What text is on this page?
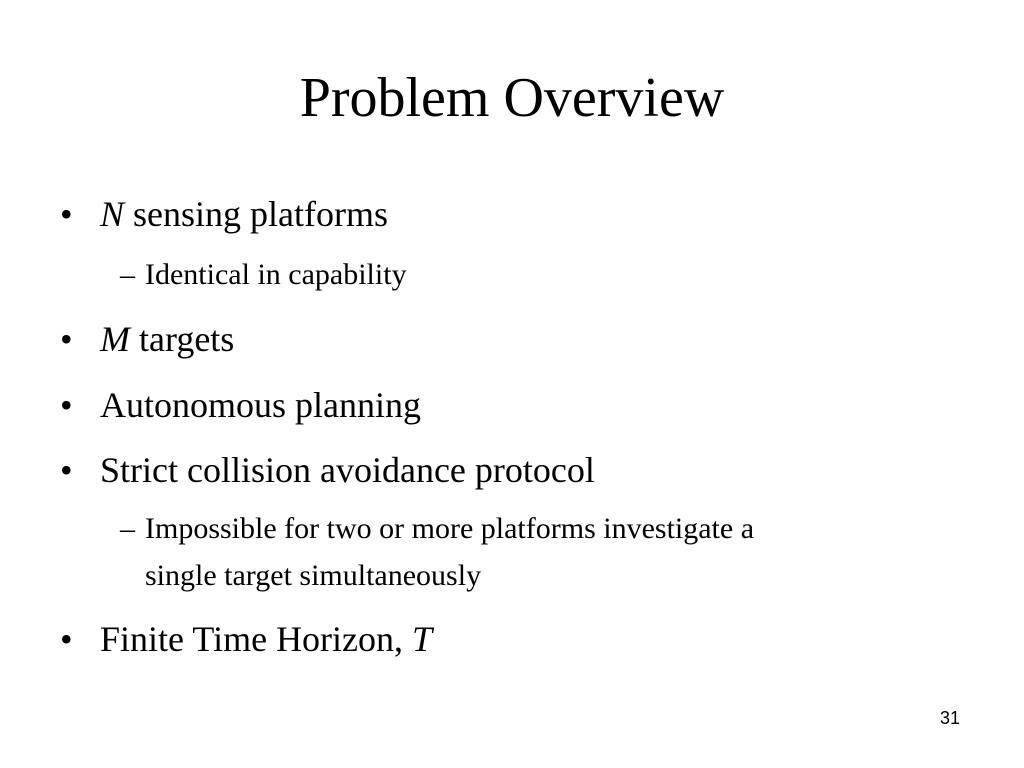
Problem Overview
• N sensing platforms
– Identical in capability
• M targets
• Autonomous planning
• Strict collision avoidance protocol
– Impossible for two or more platforms investigate a
single target simultaneously
• Finite Time Horizon, T
31
